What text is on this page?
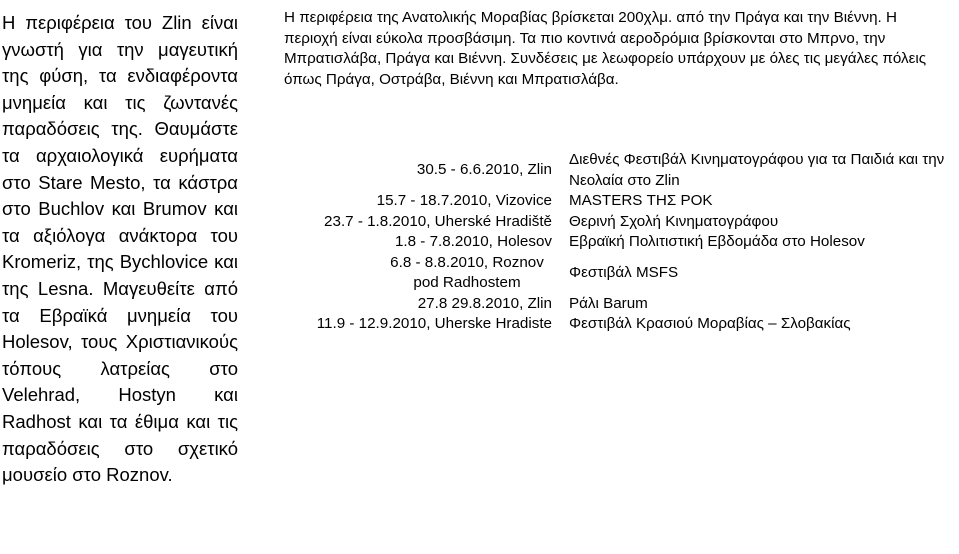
Η περιφέρεια του Zlin είναι γνωστή για την μαγευτική της φύση, τα ενδιαφέροντα μνημεία και τις ζωντανές παραδόσεις της. Θαυμάστε τα αρχαιολογικά ευρήματα στο Stare Mesto, τα κάστρα στο Buchlov και Brumov και τα αξιόλογα ανάκτορα του Kromeriz, της Bychlovice και της Lesna. Μαγευθείτε από τα Εβραϊκά μνημεία του Holesov, τους Χριστιανικούς τόπους λατρείας στο Velehrad, Hostyn και Radhost και τα έθιμα και τις παραδόσεις στο σχετικό μουσείο στο Roznov.
Η περιφέρεια της Ανατολικής Μοραβίας βρίσκεται 200χλμ. από την Πράγα και την Βιέννη. Η περιοχή είναι εύκολα προσβάσιμη. Τα πιο κοντινά αεροδρόμια βρίσκονται στο Μπρνο, την Μπρατισλάβα, Πράγα και Βιέννη. Συνδέσεις με λεωφορείο υπάρχουν με όλες τις μεγάλες πόλεις όπως Πράγα, Οστράβα, Βιέννη και Μπρατισλάβα.
30.5 - 6.6.2010, Zlin	Διεθνές Φεστιβάλ Κινηματογράφου για τα Παιδιά και την Νεολαία στο Zlin
15.7 - 18.7.2010, Vizovice	MASTERS ΤΗΣ ΡΟΚ
23.7 - 1.8.2010, Uherské Hradiště	Θερινή Σχολή Κινηματογράφου
1.8 - 7.8.2010, Holesov	Εβραϊκή Πολιτιστική Εβδομάδα στο Holesov
6.8 - 8.8.2010, Roznov pod Radhostem	Φεστιβάλ MSFS
27.8 29.8.2010, Zlin	Ράλι Barum
11.9 - 12.9.2010, Uherske Hradiste	Φεστιβάλ Κρασιού Μοραβίας – Σλοβακίας
